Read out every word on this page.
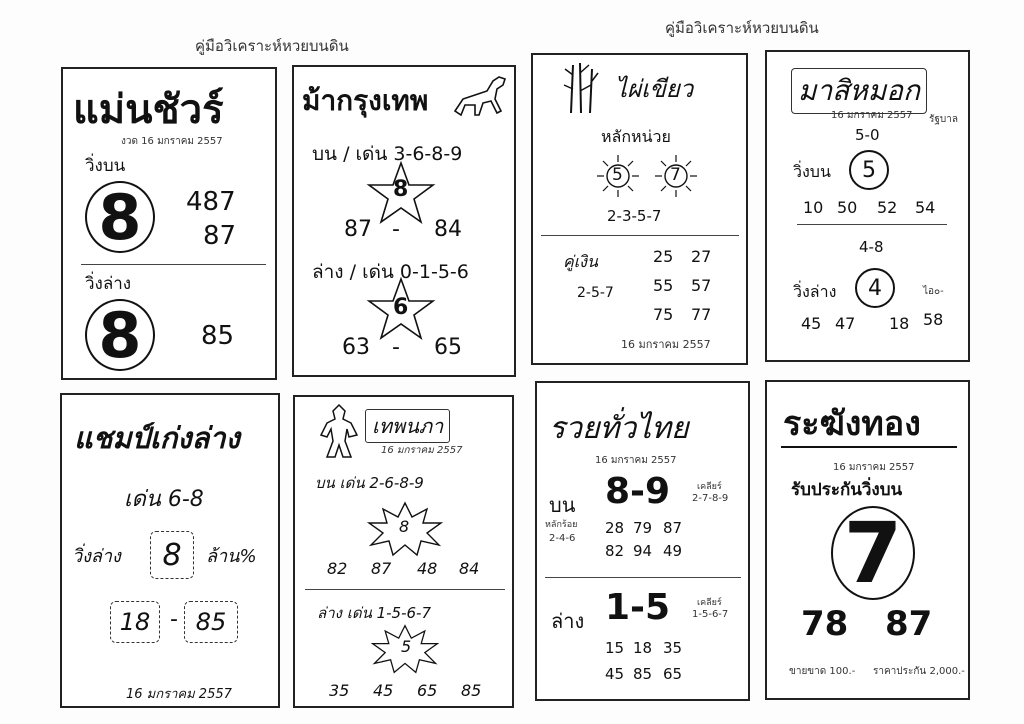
คู่มือวิเคราะห์หวยบนดิน
คู่มือวิเคราะห์หวยบนดิน
แม่นชัวร์
งวด 16 มกราคม 2557
วิ่งบน
8 487
87
วิ่งล่าง
8 85
ม้ากรุงเทพ
บน / เด่น 3-6-8-9
8
87 - 84
ล่าง / เด่น 0-1-5-6
6
63 - 65
ไผ่เขียว
หลักหน่วย
5	7
2-3-5-7
คู่เงิน
2-5-7
25 27
55 57
75 77
16 มกราคม 2557
มาสิหมอก
16 มกราคม 2557 รัฐบาล
5-0
วิ่งบน 5
10 50 52 54
4-8
วิ่งล่าง 4	ไอ๐-
45 47 18 58
แชมป์เก่งล่าง
เด่น 6-8
วิ่งล่าง 8 ล้าน%
18 - 85
16 มกราคม 2557
เทพนภา
16 มกราคม 2557
บน เด่น 2-6-8-9
8
82 87 48 84
ล่าง เด่น 1-5-6-7
5
35 45 65 85
รวยทั่วไทย
16 มกราคม 2557
บน 8-9	เคลียร์
2-7-8-9
หลักร้อย
2-4-6
28 79 87
82 94 49
ล่าง 1-5	เคลียร์
1-5-6-7
15 18 35
45 85 65
ระฆังทอง
16 มกราคม 2557
รับประกันวิ่งบน
7
78 87
ขายขาด 100.- ราคาประกัน 2,000.-
